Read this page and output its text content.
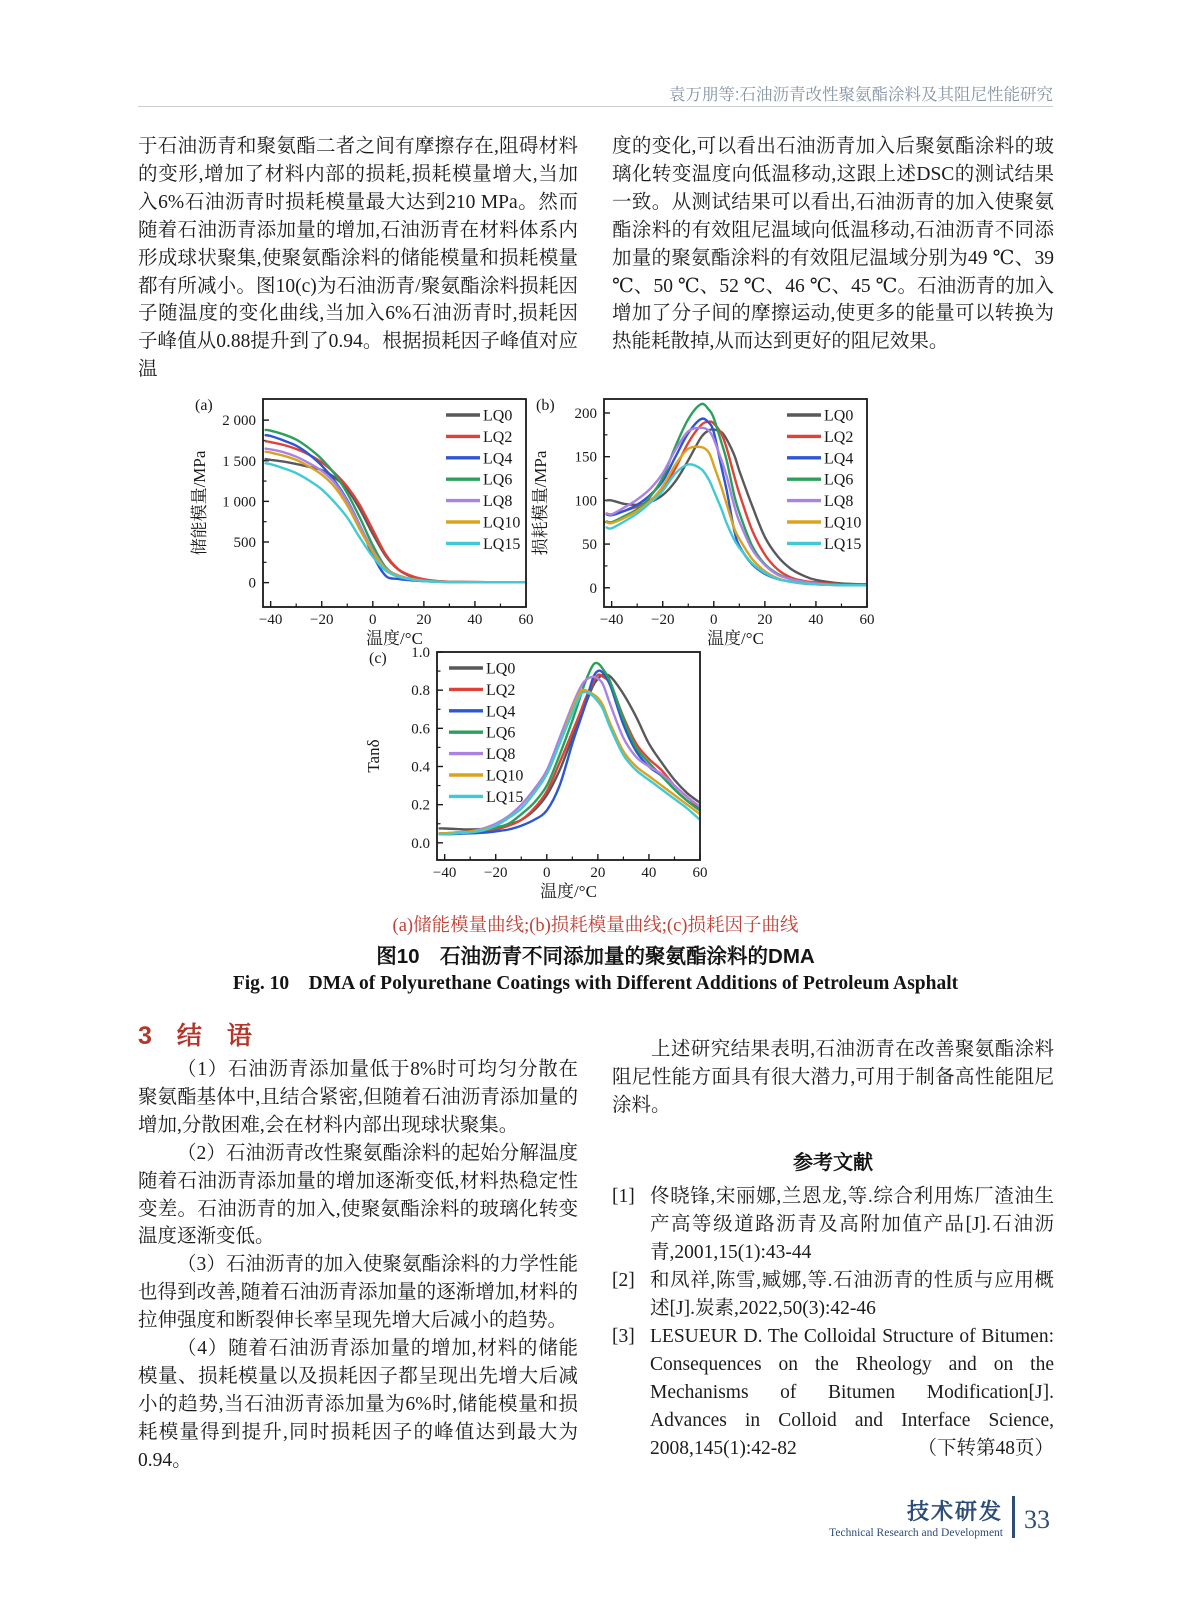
袁万朋等:石油沥青改性聚氨酯涂料及其阻尼性能研究
于石油沥青和聚氨酯二者之间有摩擦存在,阻碍材料的变形,增加了材料内部的损耗,损耗模量增大,当加入6%石油沥青时损耗模量最大达到210 MPa。然而随着石油沥青添加量的增加,石油沥青在材料体系内形成球状聚集,使聚氨酯涂料的储能模量和损耗模量都有所减小。图10(c)为石油沥青/聚氨酯涂料损耗因子随温度的变化曲线,当加入6%石油沥青时,损耗因子峰值从0.88提升到了0.94。根据损耗因子峰值对应温
度的变化,可以看出石油沥青加入后聚氨酯涂料的玻璃化转变温度向低温移动,这跟上述DSC的测试结果一致。从测试结果可以看出,石油沥青的加入使聚氨酯涂料的有效阻尼温域向低温移动,石油沥青不同添加量的聚氨酯涂料的有效阻尼温域分别为49 ℃、39 ℃、50 ℃、52 ℃、46 ℃、45 ℃。石油沥青的加入增加了分子间的摩擦运动,使更多的能量可以转换为热能耗散掉,从而达到更好的阻尼效果。
−40 −20 0	20 40 60
0
500
1 000
1 500
2 000
温度/°C
储能模量/MPa
(a)
LQ0
LQ2
LQ4
LQ6
LQ8
LQ10
LQ15
−40 −20 0	20 40 60
0
50
100
150
200
温度/°C
损耗模量/MPa
(b)
LQ0
LQ2
LQ4
LQ6
LQ8
LQ10
LQ15
−40 −20 0	20 40 60
0.0
0.2
0.4
0.6
0.8
1.0
温度/°C
Tanδ
(c)
LQ0
LQ2
LQ4
LQ6
LQ8
LQ10
LQ15
(a)储能模量曲线;(b)损耗模量曲线;(c)损耗因子曲线
图10　石油沥青不同添加量的聚氨酯涂料的DMA
Fig. 10　DMA of Polyurethane Coatings with Different Additions of Petroleum Asphalt
3　结　语

（1）石油沥青添加量低于8%时可均匀分散在聚氨酯基体中,且结合紧密,但随着石油沥青添加量的增加,分散困难,会在材料内部出现球状聚集。

（2）石油沥青改性聚氨酯涂料的起始分解温度随着石油沥青添加量的增加逐渐变低,材料热稳定性变差。石油沥青的加入,使聚氨酯涂料的玻璃化转变温度逐渐变低。

（3）石油沥青的加入使聚氨酯涂料的力学性能也得到改善,随着石油沥青添加量的逐渐增加,材料的拉伸强度和断裂伸长率呈现先增大后减小的趋势。

（4）随着石油沥青添加量的增加,材料的储能模量、损耗模量以及损耗因子都呈现出先增大后减小的趋势,当石油沥青添加量为6%时,储能模量和损耗模量得到提升,同时损耗因子的峰值达到最大为0.94。

上述研究结果表明,石油沥青在改善聚氨酯涂料阻尼性能方面具有很大潜力,可用于制备高性能阻尼涂料。

参考文献
[1] 佟晓锋,宋丽娜,兰恩龙,等.综合利用炼厂渣油生产高等级道路沥青及高附加值产品[J].石油沥青,2001,15(1):43-44
[2] 和凤祥,陈雪,臧娜,等.石油沥青的性质与应用概述[J].炭素,2022,50(3):42-46
[3] LESUEUR D. The Colloidal Structure of Bitumen: Consequences on the Rheology and on the Mechanisms of Bitumen Modification[J]. Advances in Colloid and Interface Science, 2008,145(1):42-82	（下转第48页）
技术研发
Technical Research and Development 33
